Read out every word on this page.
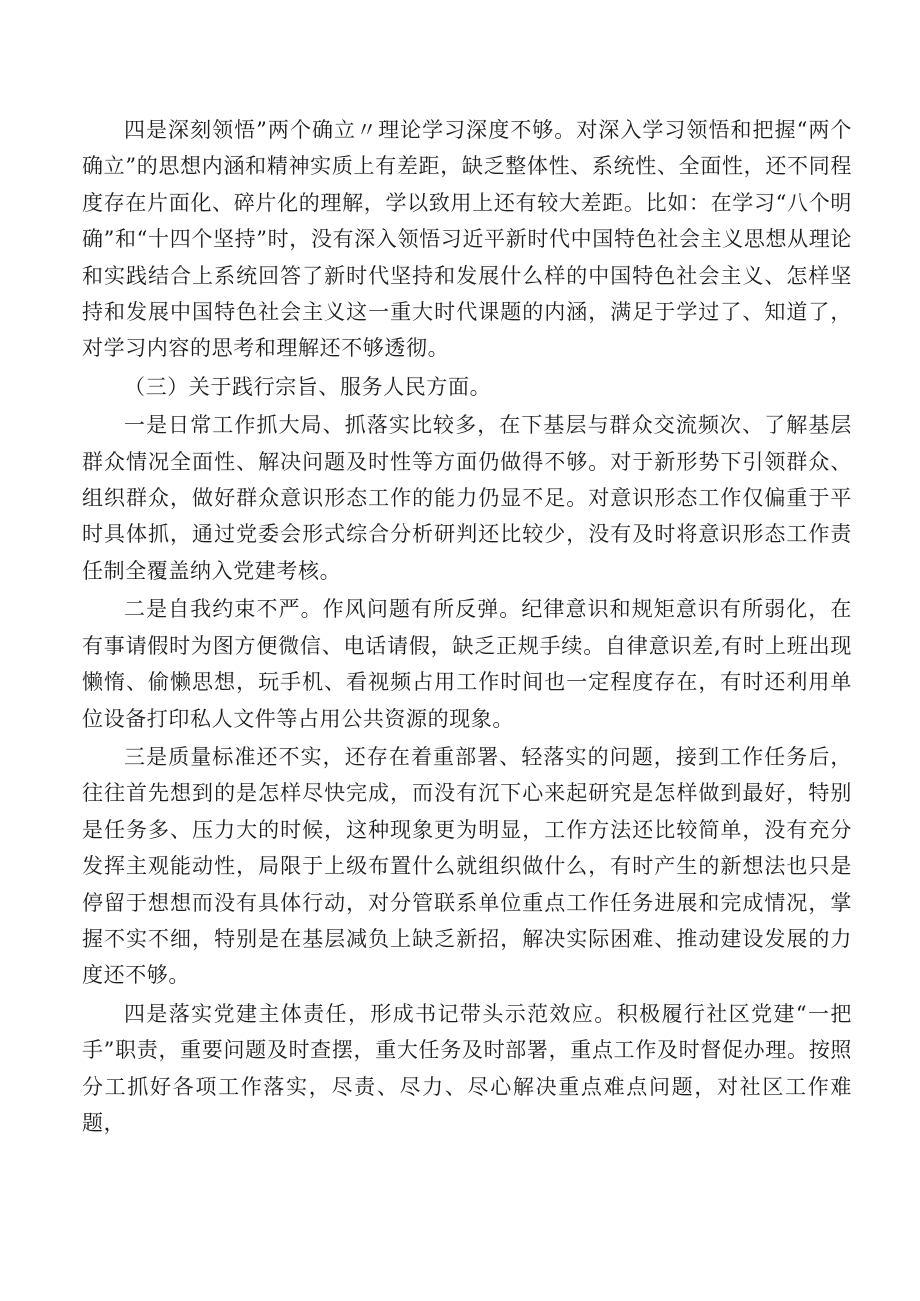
四是深刻领悟”两个确立〃理论学习深度不够。对深入学习领悟和把握“两个确立”的思想内涵和精神实质上有差距，缺乏整体性、系统性、全面性，还不同程度存在片面化、碎片化的理解，学以致用上还有较大差距。比如：在学习“八个明确”和“十四个坚持”时，没有深入领悟习近平新时代中国特色社会主义思想从理论和实践结合上系统回答了新时代坚持和发展什么样的中国特色社会主义、怎样坚持和发展中国特色社会主义这一重大时代课题的内涵，满足于学过了、知道了，对学习内容的思考和理解还不够透彻。

（三）关于践行宗旨、服务人民方面。

一是日常工作抓大局、抓落实比较多，在下基层与群众交流频次、了解基层群众情况全面性、解决问题及时性等方面仍做得不够。对于新形势下引领群众、组织群众，做好群众意识形态工作的能力仍显不足。对意识形态工作仅偏重于平时具体抓，通过党委会形式综合分析研判还比较少，没有及时将意识形态工作责任制全覆盖纳入党建考核。

二是自我约束不严。作风问题有所反弹。纪律意识和规矩意识有所弱化，在有事请假时为图方便微信、电话请假，缺乏正规手续。自律意识差,有时上班出现懒惰、偷懒思想，玩手机、看视频占用工作时间也一定程度存在，有时还利用单位设备打印私人文件等占用公共资源的现象。

三是质量标准还不实，还存在着重部署、轻落实的问题，接到工作任务后，往往首先想到的是怎样尽快完成，而没有沉下心来起研究是怎样做到最好，特别是任务多、压力大的时候，这种现象更为明显，工作方法还比较简单，没有充分发挥主观能动性，局限于上级布置什么就组织做什么，有时产生的新想法也只是停留于想想而没有具体行动，对分管联系单位重点工作任务进展和完成情况，掌握不实不细，特别是在基层减负上缺乏新招，解决实际困难、推动建设发展的力度还不够。

四是落实党建主体责任，形成书记带头示范效应。积极履行社区党建“一把手”职责，重要问题及时查摆，重大任务及时部署，重点工作及时督促办理。按照分工抓好各项工作落实，尽责、尽力、尽心解决重点难点问题，对社区工作难题，
